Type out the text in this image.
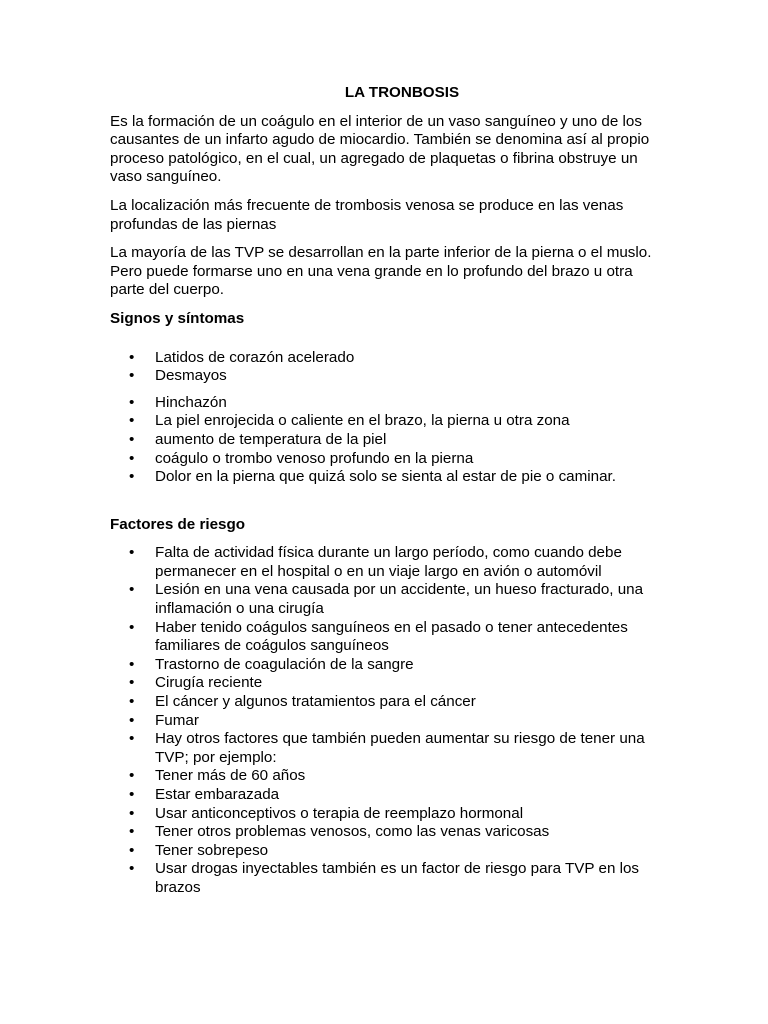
LA TRONBOSIS

Es la formación de un coágulo en el interior de un vaso sanguíneo y uno de los causantes de un infarto agudo de miocardio. También se denomina así al propio proceso patológico, en el cual, un agregado de plaquetas o fibrina obstruye un vaso sanguíneo.

La localización más frecuente de trombosis venosa se produce en las venas profundas de las piernas

La mayoría de las TVP se desarrollan en la parte inferior de la pierna o el muslo. Pero puede formarse uno en una vena grande en lo profundo del brazo u otra parte del cuerpo.

Signos y síntomas
• Latidos de corazón acelerado
• Desmayos
• Hinchazón
• La piel enrojecida o caliente en el brazo, la pierna u otra zona
• aumento de temperatura de la piel
• coágulo o trombo venoso profundo en la pierna
• Dolor en la pierna que quizá solo se sienta al estar de pie o caminar.
Factores de riesgo
• Falta de actividad física durante un largo período, como cuando debe permanecer en el hospital o en un viaje largo en avión o automóvil
• Lesión en una vena causada por un accidente, un hueso fracturado, una inflamación o una cirugía
• Haber tenido coágulos sanguíneos en el pasado o tener antecedentes familiares de coágulos sanguíneos
• Trastorno de coagulación de la sangre
• Cirugía reciente
• El cáncer y algunos tratamientos para el cáncer
• Fumar
• Hay otros factores que también pueden aumentar su riesgo de tener una TVP; por ejemplo:
• Tener más de 60 años
• Estar embarazada
• Usar anticonceptivos o terapia de reemplazo hormonal
• Tener otros problemas venosos, como las venas varicosas
• Tener sobrepeso
• Usar drogas inyectables también es un factor de riesgo para TVP en los brazos
